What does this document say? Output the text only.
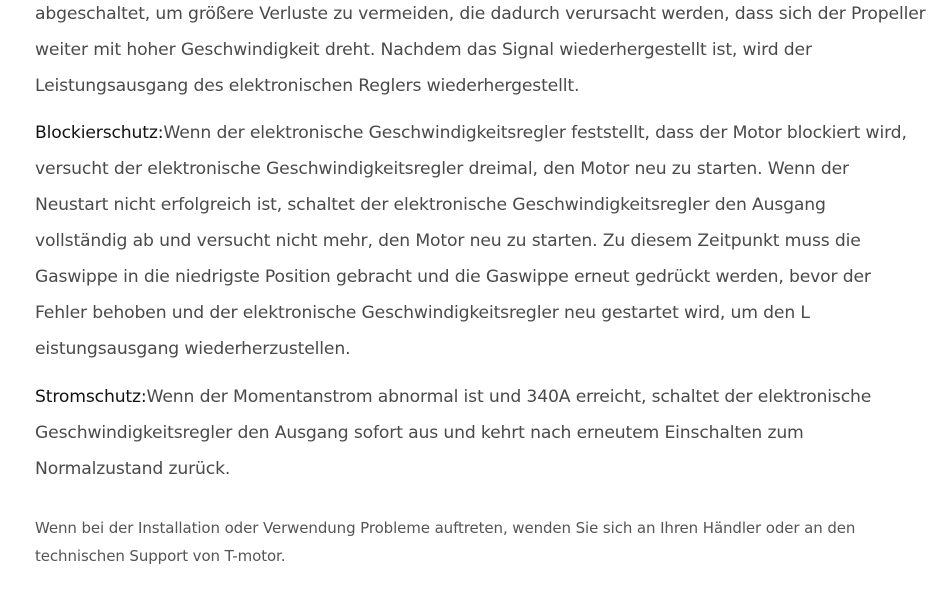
abgeschaltet, um größere Verluste zu vermeiden, die dadurch verursacht werden, dass sich der Propeller
weiter mit hoher Geschwindigkeit dreht. Nachdem das Signal wiederhergestellt ist, wird der
Leistungsausgang des elektronischen Reglers wiederhergestellt.

Blockierschutz:Wenn der elektronische Geschwindigkeitsregler feststellt, dass der Motor blockiert wird,
versucht der elektronische Geschwindigkeitsregler dreimal, den Motor neu zu starten. Wenn der
Neustart nicht erfolgreich ist, schaltet der elektronische Geschwindigkeitsregler den Ausgang
vollständig ab und versucht nicht mehr, den Motor neu zu starten. Zu diesem Zeitpunkt muss die
Gaswippe in die niedrigste Position gebracht und die Gaswippe erneut gedrückt werden, bevor der
Fehler behoben und der elektronische Geschwindigkeitsregler neu gestartet wird, um den L
eistungsausgang wiederherzustellen.

Stromschutz:Wenn der Momentanstrom abnormal ist und 340A erreicht, schaltet der elektronische
Geschwindigkeitsregler den Ausgang sofort aus und kehrt nach erneutem Einschalten zum
Normalzustand zurück.

Wenn bei der Installation oder Verwendung Probleme auftreten, wenden Sie sich an Ihren Händler oder an den
technischen Support von T-motor.
